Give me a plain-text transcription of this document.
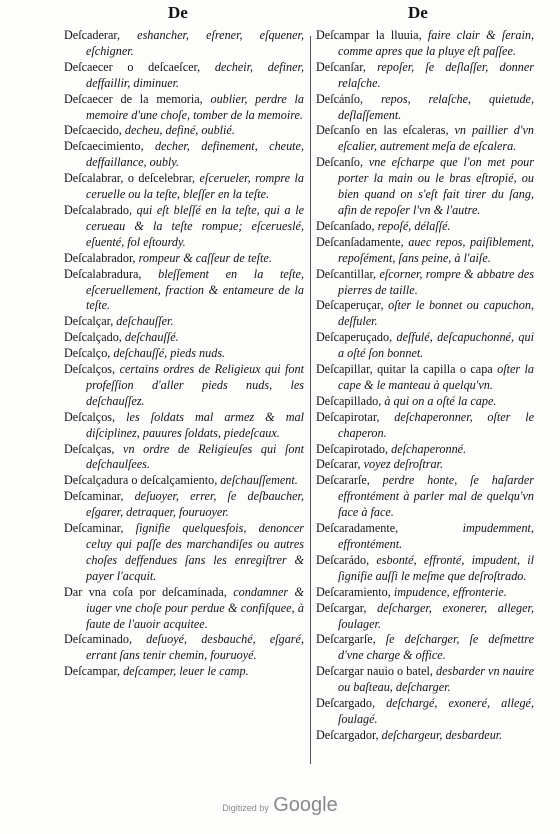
De	De
Deſcaderar, eshancher, eſrener, eſquener, eſchigner.
Deſcaecer o deſcaeſcer, decheir, definer, deffaillir, diminuer.
Deſcaecer de la memoria, oublier, perdre la memoire d'une choſe, tomber de la memoire.
Deſcaecido, decheu, definé, oublié.
Deſcaecimiento, decher, definement, cheute, deffaillance, oubly.
Deſcalabrar, o deſcelebrar, eſcerueler, rompre la ceruelle ou la teſte, bleſſer en la teſte.
Deſcalabrado, qui eſt bleſſé en la teſte, qui a le cerueau & la teſte rompue; eſcerueslé, eſuenté, fol eſtourdy.
Deſcalabrador, rompeur & caſſeur de teſte.
Deſcalabradura, bleſſement en la teſte, eſceruellement, fraction & entameure de la teſte.
Deſcalçar, deſchauſſer.
Deſcalçado, deſchauſſé.
Deſcalço, deſchauſſé, pieds nuds.
Deſcalços, certains ordres de Religieux qui font profeſſion d'aller pieds nuds, les deſchauſſez.
Deſcalços, les ſoldats mal armez & mal diſciplinez, pauures ſoldats, piedeſcaux.
Deſcalças, vn ordre de Religieuſes qui ſont deſchaulſees.
Deſcalçadura o deſcalçamiento, deſchauſſement.
Deſcaminar, deſuoyer, errer, ſe deſbaucher, eſgarer, detraquer, fouruoyer.
Deſcaminar, ſignifie quelquesfois, denoncer celuy qui paſſe des marchandiſes ou autres choſes deffendues ſans les enregiſtrer & payer l'acquit.
Dar vna coſa por deſcaminada, condamner & iuger vne choſe pour perdue & confiſquee, à faute de l'auoir acquitee.
Deſcaminado, deſuoyé, desbauché, eſgaré, errant ſans tenir chemin, fouruoyé.
Deſcampar, deſcamper, leuer le camp.
Deſcampar la lluuia, faire clair & ſerain, comme apres que la pluye eſt paſſee.
Deſcanſar, repoſer, ſe deſlaſſer, donner relaſche.
Deſcánſo, repos, relaſche, quietude, deſlaſſement.
Deſcanſo en las eſcaleras, vn paillier d'vn eſcalier, autrement meſa de eſcalera.
Deſcanſo, vne eſcharpe que l'on met pour porter la main ou le bras eſtropié, ou bien quand on s'eſt fait tirer du ſang, afin de repoſer l'vn & l'autre.
Deſcanſado, repoſé, délaſſé.
Deſcanſadamente, auec repos, paiſiblement, repoſément, ſans peine, à l'aiſe.
Deſcantillar, eſcorner, rompre & abbatre des pierres de taille.
Deſcaperuçar, oſter le bonnet ou capuchon, deſfuler.
Deſcaperuçado, deſfulé, deſcapuchonné, qui a oſté ſon bonnet.
Deſcapillar, quitar la capilla o capa oſter la cape & le manteau à quelqu'vn.
Deſcapillado, à qui on a oſté la cape.
Deſcapirotar, deſchaperonner, oſter le chaperon.
Deſcapirotado, deſchaperonné.
Deſcarar, voyez deſroſtrar.
Deſcararſe, perdre honte, ſe haſarder effrontément à parler mal de quelqu'vn face à face.
Deſcaradamente,	impudemment, effrontément.
Deſcarádo, esbonté, effronté, impudent, il ſignifie auſſi le meſme que deſroſtrado.
Deſcaramiento, impudence, effronterie.
Deſcargar, deſcharger, exonerer, alleger, ſoulager.
Deſcargarſe, ſe deſcharger, ſe deſmettre d'vne charge & office.
Deſcargar nauio o batel, desbarder vn nauire ou baſteau, deſcharger.
Deſcargado, deſchargé, exoneré, allegé, ſoulagé.
Deſcargador, deſchargeur, desbardeur.
Digitized by Google
